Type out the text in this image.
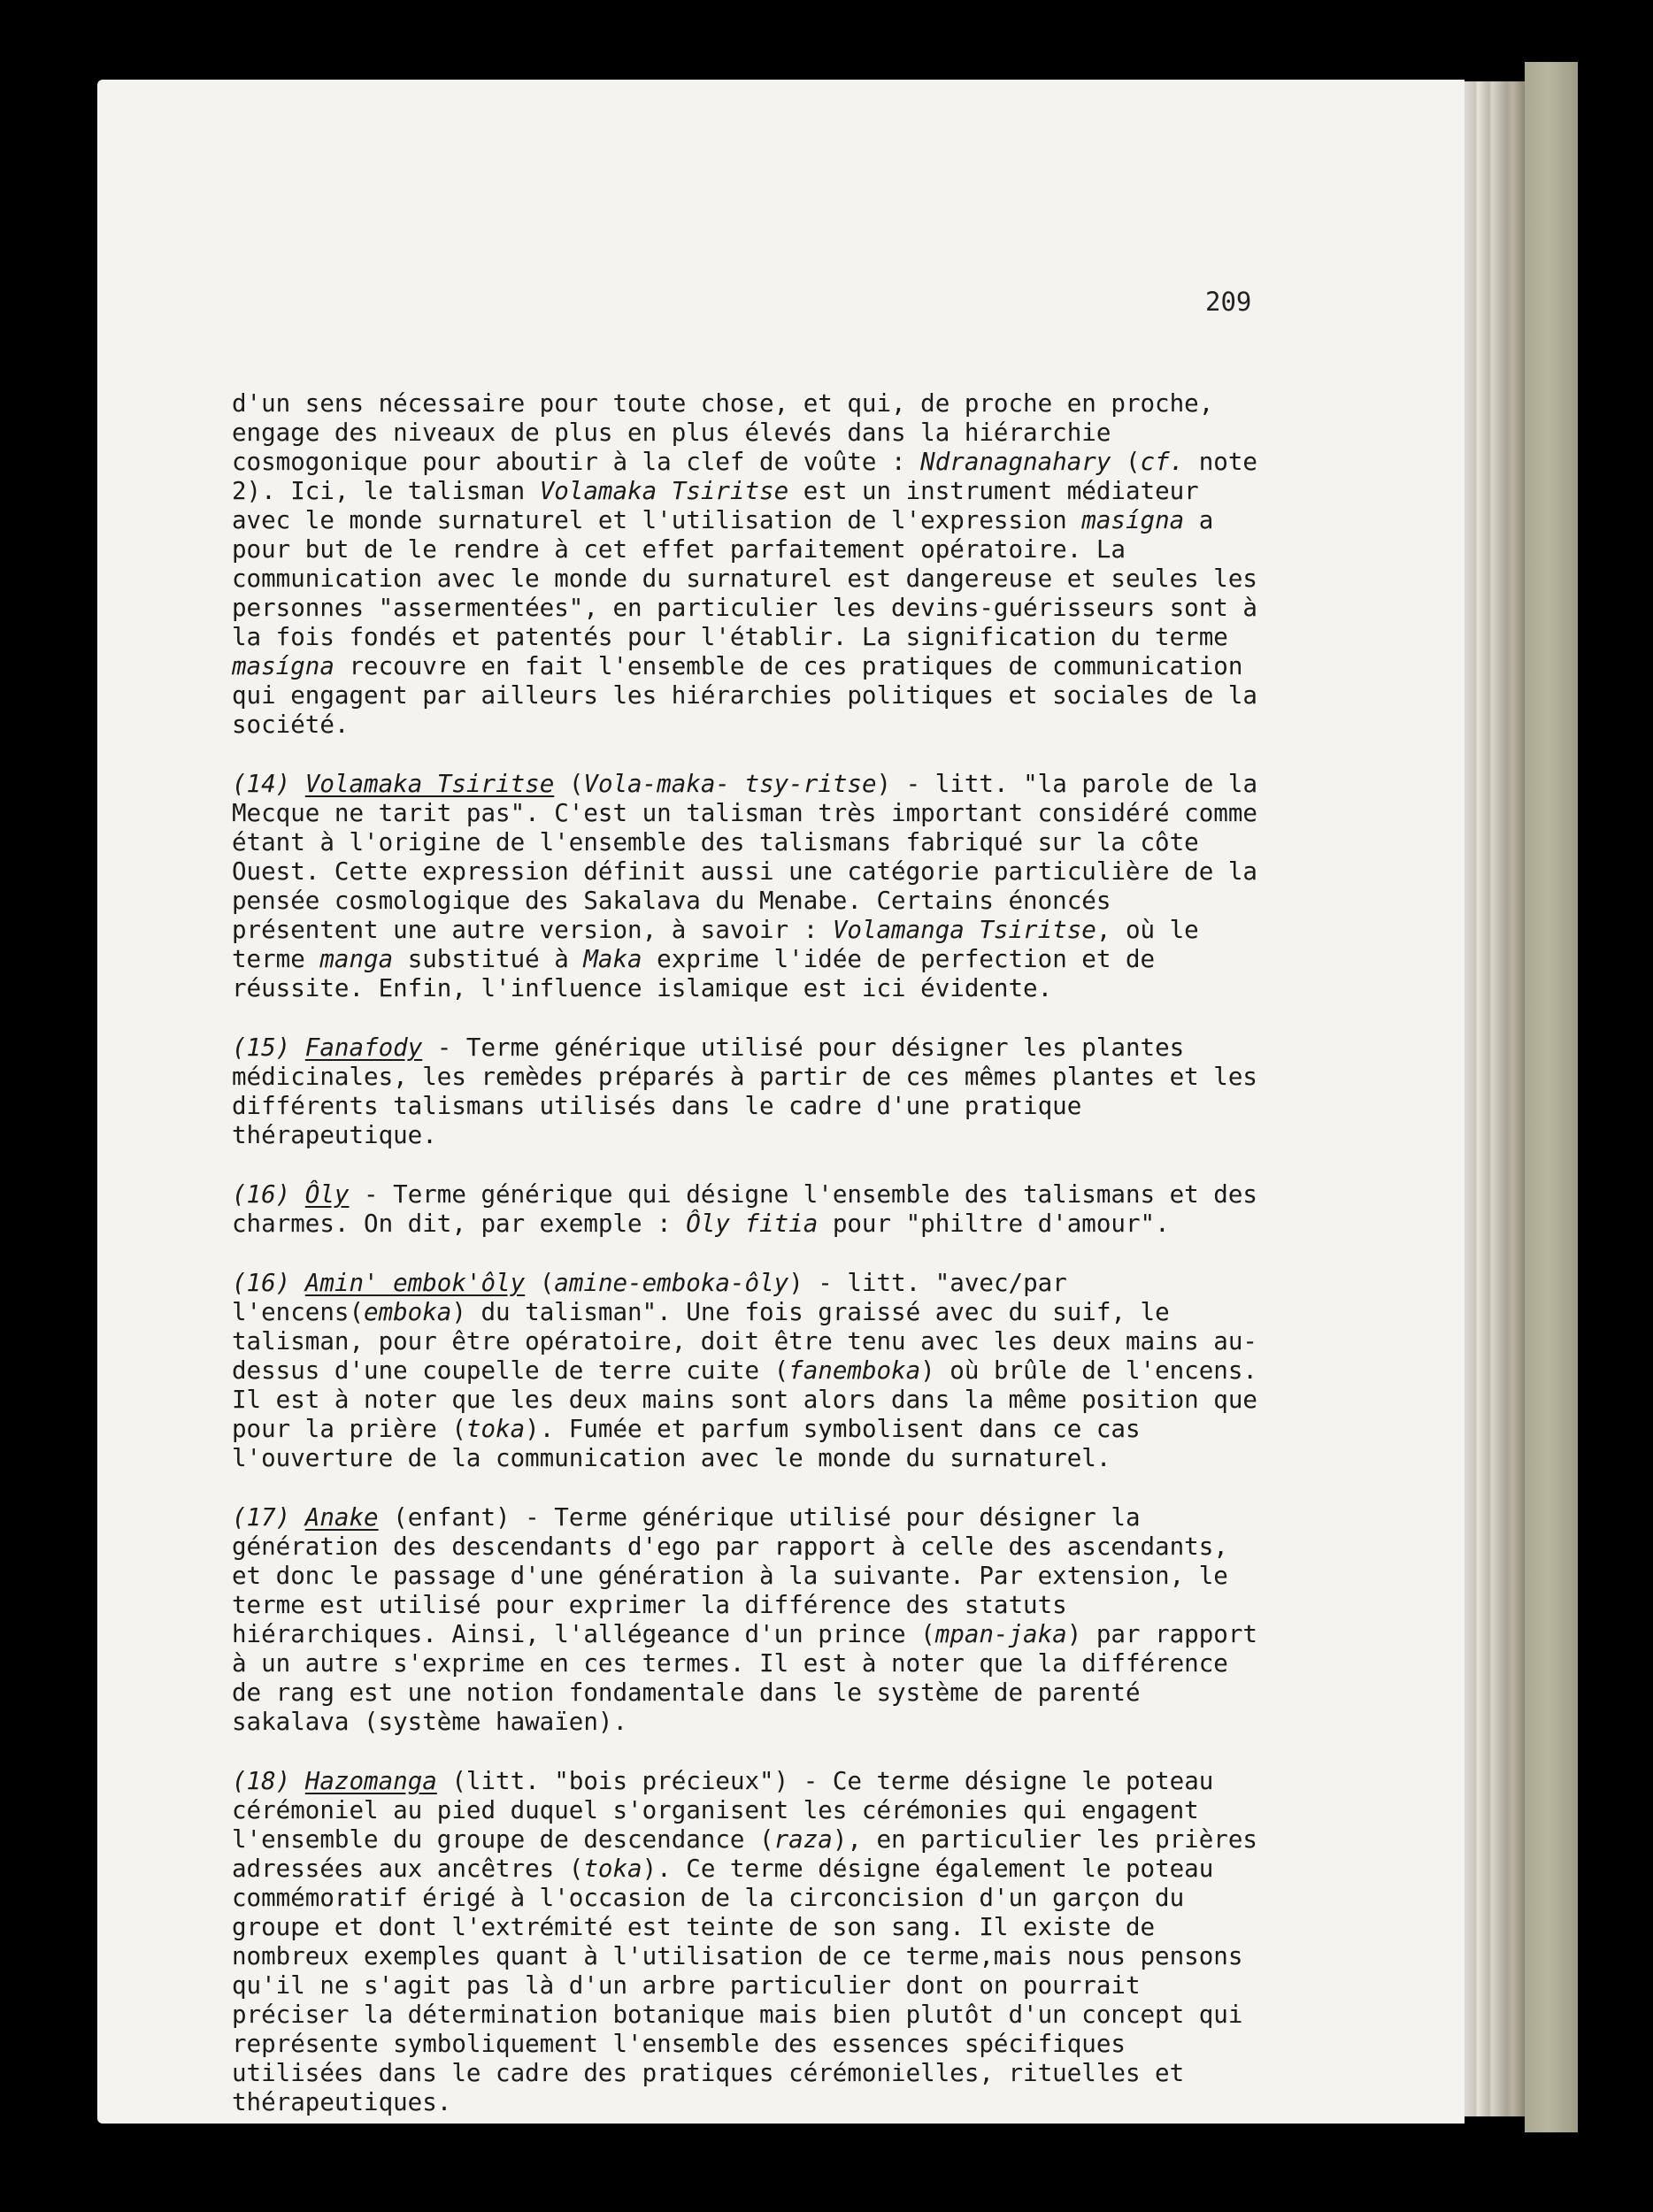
209

d'un sens nécessaire pour toute chose, et qui, de proche en proche, engage des niveaux de plus en plus élevés dans la hiérarchie cosmogonique pour aboutir à la clef de voûte : Ndranagnahary (cf. note 2). Ici, le talisman Volamaka Tsiritse est un instrument médiateur avec le monde surnaturel et l'utilisation de l'expression masígna a pour but de le rendre à cet effet parfaitement opératoire. La communication avec le monde du surnaturel est dangereuse et seules les personnes "assermentées", en particulier les devins-guérisseurs sont à la fois fondés et patentés pour l'établir. La signification du terme masígna recouvre en fait l'ensemble de ces pratiques de communication qui engagent par ailleurs les hiérarchies politiques et sociales de la société.

(14) Volamaka Tsiritse (Vola-maka- tsy-ritse) - litt. "la parole de la Mecque ne tarit pas". C'est un talisman très important considéré comme étant à l'origine de l'ensemble des talismans fabriqué sur la côte Ouest. Cette expression définit aussi une catégorie particulière de la pensée cosmologique des Sakalava du Menabe. Certains énoncés présentent une autre version, à savoir : Volamanga Tsiritse, où le terme manga substitué à Maka exprime l'idée de perfection et de réussite. Enfin, l'influence islamique est ici évidente.

(15) Fanafody - Terme générique utilisé pour désigner les plantes médicinales, les remèdes préparés à partir de ces mêmes plantes et les différents talismans utilisés dans le cadre d'une pratique thérapeutique.

(16) Ôly - Terme générique qui désigne l'ensemble des talismans et des charmes. On dit, par exemple : Ôly fitia pour "philtre d'amour".

(16) Amin' embok'ôly (amine-emboka-ôly) - litt. "avec/par l'encens(emboka) du talisman". Une fois graissé avec du suif, le talisman, pour être opératoire, doit être tenu avec les deux mains au-dessus d'une coupelle de terre cuite (fanemboka) où brûle de l'encens. Il est à noter que les deux mains sont alors dans la même position que pour la prière (toka). Fumée et parfum symbolisent dans ce cas l'ouverture de la communication avec le monde du surnaturel.

(17) Anake (enfant) - Terme générique utilisé pour désigner la génération des descendants d'ego par rapport à celle des ascendants, et donc le passage d'une génération à la suivante. Par extension, le terme est utilisé pour exprimer la différence des statuts hiérarchiques. Ainsi, l'allégeance d'un prince (mpan-jaka) par rapport à un autre s'exprime en ces termes. Il est à noter que la différence de rang est une notion fondamentale dans le système de parenté sakalava (système hawaïen).

(18) Hazomanga (litt. "bois précieux") - Ce terme désigne le poteau cérémoniel au pied duquel s'organisent les cérémonies qui engagent l'ensemble du groupe de descendance (raza), en particulier les prières adressées aux ancêtres (toka). Ce terme désigne également le poteau commémoratif érigé à l'occasion de la circoncision d'un garçon du groupe et dont l'extrémité est teinte de son sang. Il existe de nombreux exemples quant à l'utilisation de ce terme,mais nous pensons qu'il ne s'agit pas là d'un arbre particulier dont on pourrait préciser la détermination botanique mais bien plutôt d'un concept qui représente symboliquement l'ensemble des essences spécifiques utilisées dans le cadre des pratiques cérémonielles, rituelles et thérapeutiques.
